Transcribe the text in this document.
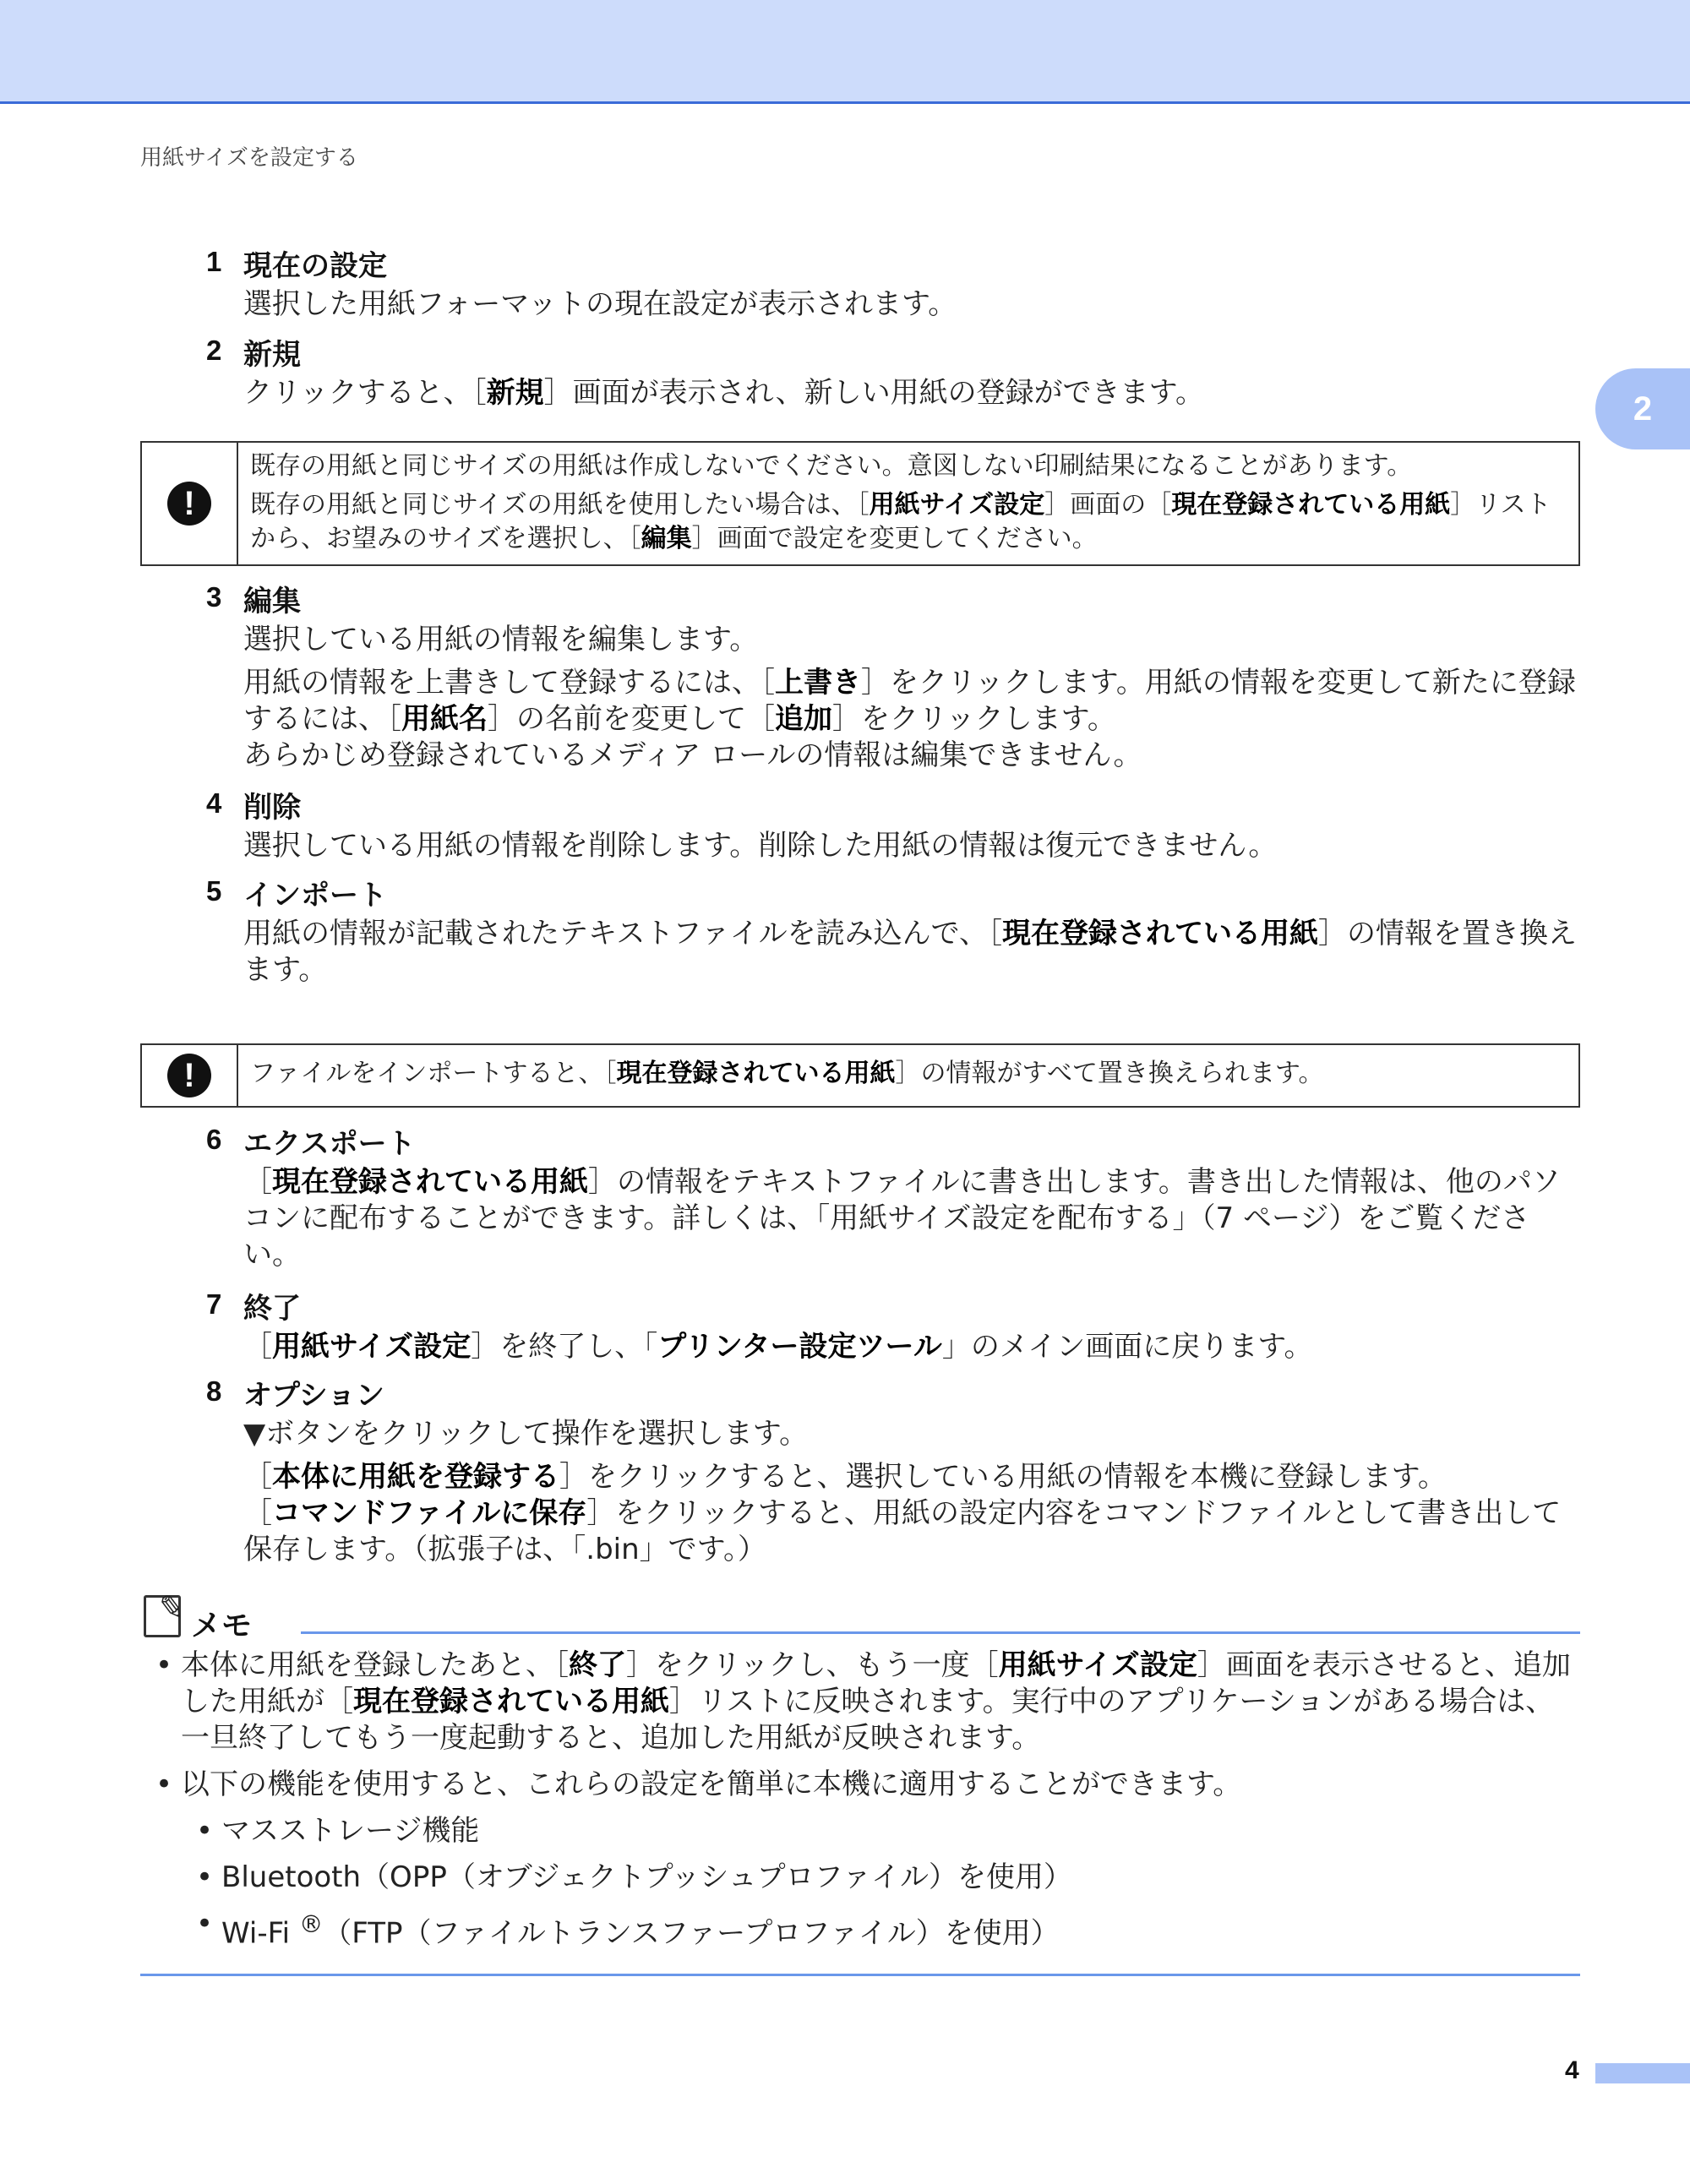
用紙サイズを設定する
2
1 現在の設定

選択した用紙フォーマットの現在設定が表示されます。

2 新規

クリックすると、［新規］画面が表示され、新しい用紙の登録ができます。

!

既存の用紙と同じサイズの用紙は作成しないでください。意図しない印刷結果になることがあります。

既存の用紙と同じサイズの用紙を使用したい場合は、［用紙サイズ設定］画面の［現在登録されている用紙］リストから、お望みのサイズを選択し、［編集］画面で設定を変更してください。

3 編集

選択している用紙の情報を編集します。

用紙の情報を上書きして登録するには、［上書き］をクリックします。用紙の情報を変更して新たに登録するには、［用紙名］の名前を変更して［追加］をクリックします。
あらかじめ登録されているメディア ロールの情報は編集できません。

4 削除

選択している用紙の情報を削除します。削除した用紙の情報は復元できません。

5 インポート

用紙の情報が記載されたテキストファイルを読み込んで、［現在登録されている用紙］の情報を置き換えます。

!	ファイルをインポートすると、［現在登録されている用紙］の情報がすべて置き換えられます。

6 エクスポート

［現在登録されている用紙］の情報をテキストファイルに書き出します。書き出した情報は、他のパソコンに配布することができます。詳しくは、「用紙サイズ設定を配布する」（7 ページ）をご覧ください。

7 終了

［用紙サイズ設定］を終了し、「プリンター設定ツール」のメイン画面に戻ります。

8 オプション

▼ボタンをクリックして操作を選択します。

［本体に用紙を登録する］をクリックすると、選択している用紙の情報を本機に登録します。
［コマンドファイルに保存］をクリックすると、用紙の設定内容をコマンドファイルとして書き出して保存します。（拡張子は、「.bin」です。）

✎ メモ
• 本体に用紙を登録したあと、［終了］をクリックし、もう一度［用紙サイズ設定］画面を表示させると、追加した用紙が［現在登録されている用紙］リストに反映されます。実行中のアプリケーションがある場合は、一旦終了してもう一度起動すると、追加した用紙が反映されます。
• 以下の機能を使用すると、これらの設定を簡単に本機に適用することができます。
• マスストレージ機能
• Bluetooth（OPP（オブジェクトプッシュプロファイル）を使用）
• Wi-Fi ®（FTP（ファイルトランスファープロファイル）を使用）
4
